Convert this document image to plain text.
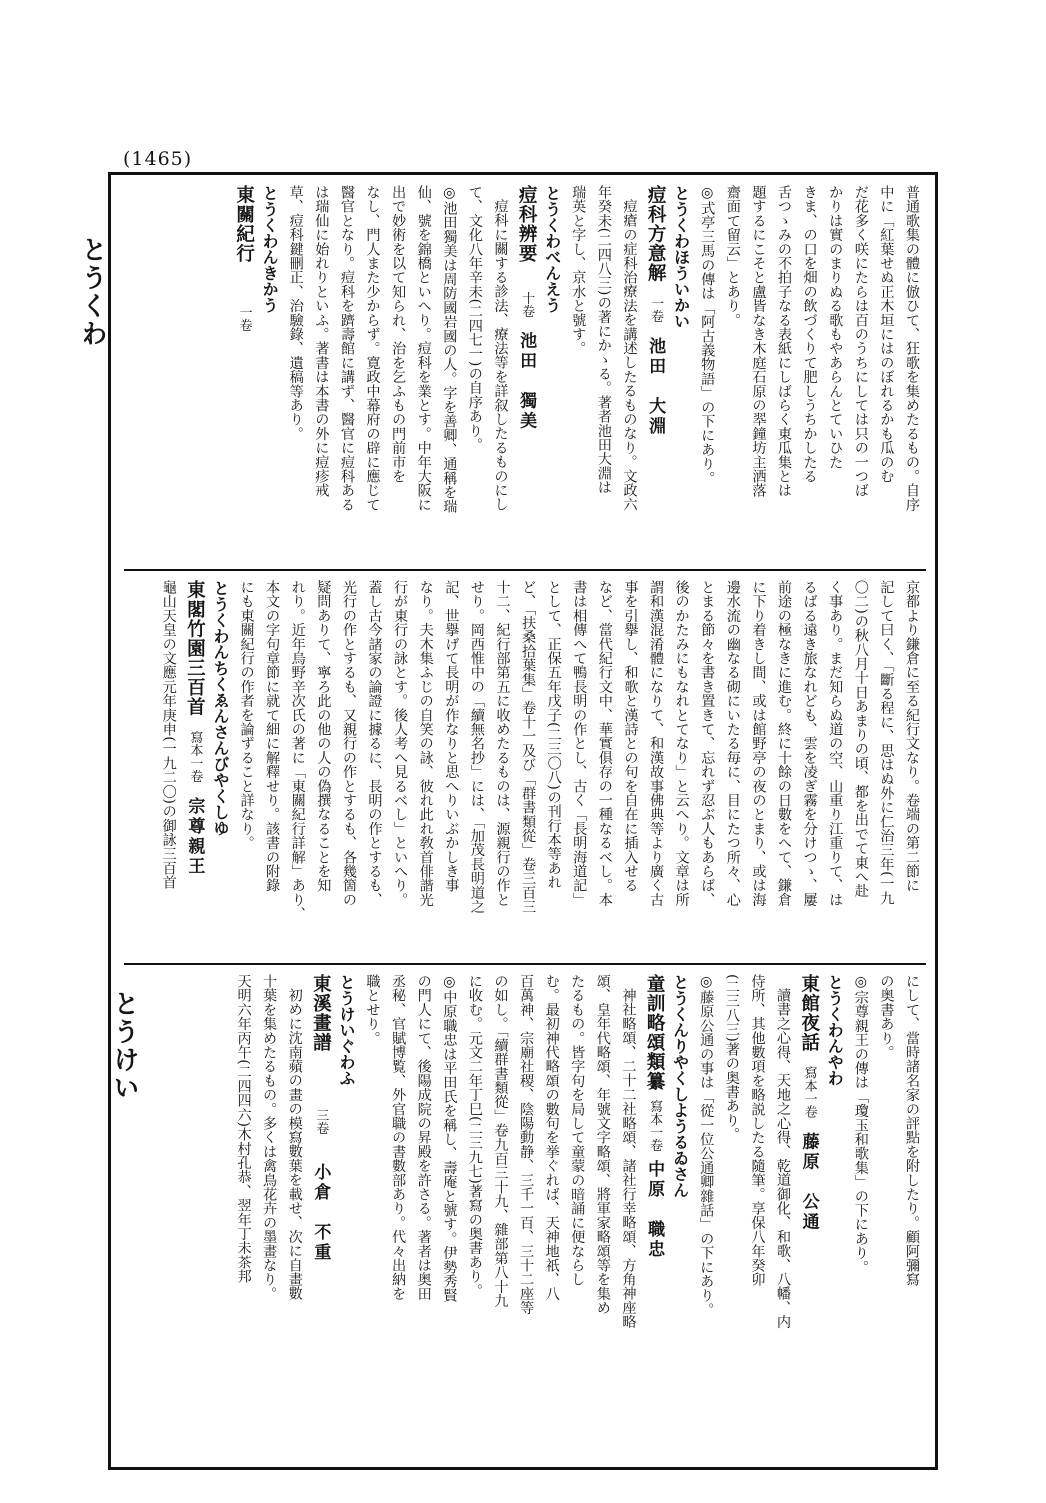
(1465)
とうくわ
とうけい
普通歌集の體に倣ひて、狂歌を集めたるもの。自序
中に「紅葉せぬ正木垣にはのぼれるかも瓜のむ
だ花多く咲にたらは百のうちにしては只の一つば
かりは實のまりぬる歌もやあらんとていひた
きま、の口を畑の飲づくりて肥しうちかしたる
舌つゝみの不拍子なる表紙にしばらく東瓜集とは
題するにこそと盧皆なき木庭石原の翆鐘坊主洒落
齋面て留云」とあり。
◎式亭三馬の傳は「阿古義物語」の下にあり。
とうくわほういかい
痘科方意解一卷池田　大淵
痘瘡の症科治療法を講述したるものなり。文政六
年癸未(二四八三)の著にかゝる。著者池田大淵は
瑞英と字し、京水と號す。
とうくわべんえう
痘科辨要十卷池田　獨美
痘科に關する診法、療法等を詳叙したるものにし
て、文化八年辛未(二四七一)の自序あり。
◎池田獨美は周防國岩國の人。字を善卿、通稱を瑞
仙、號を錦橋といへり。痘科を業とす。中年大阪に
出で妙術を以て知られ、治を乞ふもの門前市を
なし、門人また少からず。寛政中幕府の辟に應じて
醫官となり。痘科を躋壽館に講ず、醫官に痘科ある
は瑞仙に始れりといふ。著書は本書の外に痘疹戒
草、痘科鍵刪正、治驗錄、遺稿等あり。
とうくわんきかう
東關紀行一卷
京都より鎌倉に至る紀行文なり。卷端の第二節に
記して曰く、「斷る程に、思はぬ外に仁治三年(一九
〇二)の秋八月十日あまりの頃、都を出でて東へ赴
く事あり。まだ知らぬ道の空、山重り江重りて、は
るばる遠き旅なれども、雲を凌ぎ霧を分けつゝ、屢
前途の極なきに進む。終に十餘の日數をへて、鎌倉
に下り着きし間、或は館野亭の夜のとまり、或は海
邊水流の幽なる砌にいたる毎に、目にたつ所々、心
とまる節々を書き置きて、忘れず忍ぶ人もあらば、
後のかたみにもなれとてなり」と云へり。文章は所
謂和漢混淆體になりて、和漢故事佛典等より廣く古
事を引擧し、和歌と漢詩との句を自在に插入せる
など、當代紀行文中、華實俱存の一種なるべし。本
書は相傳へて鴨長明の作とし、古く「長明海道記」
として、正保五年戊子(二三〇八)の刊行本等あれ
ど、「扶桑拾葉集」卷十一及び「群書類從」卷三百三
十二、紀行部第五に收めたるものは、源親行の作と
せり。岡西惟中の「續無名抄」には、「加茂長明道之
記、世擧げて長明が作なりと思へりいぶかしき事
なり。夫木集ふじの自笑の詠、彼れ此れ敎首俳諧光
行が東行の詠とす。後人考へ見るべし」といへり。
蓋し古今諸家の論證に據るに、長明の作とするも、
光行の作とするも、又親行の作とするも、各幾箇の
疑問ありて、寧ろ此の他の人の偽撰なることを知
れり。近年烏野辛次氏の著に「東關紀行詳解」あり、
本文の字句章節に就て細に解釋せり。該書の附錄
にも東關紀行の作者を論ずること詳なり。
とうくわんちくゑんさんびやくしゆ
東閣竹園三百首寫本一卷宗尊親王
龜山天皇の文應元年庚申(一九二〇)の御詠三百首
にして、當時諸名家の評點を附したり。顧阿彌寫
の奥書あり。
◎宗尊親王の傳は「瓊玉和歌集」の下にあり。
とうくわんやわ
東館夜話寫本一卷藤原　公通
讀書之心得、天地之心得、乾道御化、和歌、八幡、内
侍所、其他數項を略説したる隨筆。享保八年癸卯
(二三八三)著の奥書あり。
◎藤原公通の事は「從一位公通卿雜話」の下にあり。
とうくんりやくしようるゐさん
童訓略頌類纂寫本一卷中原　職忠
神社略頌、二十二社略頌、諸社行幸略頌、方角神座略
頌、皇年代略頌、年號文字略頌、將軍家略頌等を集め
たるもの。皆字句を局して童蒙の暗誦に便ならし
む。最初神代略頌の數句を挙ぐれば、天神地祇、八
百萬神、宗廟社稷、陰陽動静、三千一百、三十二座等
の如し。「續群書類從」卷九百三十九、雜部第八十九
に收む。元文二年丁巳(二三九七)著寫の奥書あり。
◎中原職忠は平田氏を稱し、壽庵と號す。伊勢秀賢
の門人にて、後陽成院の昇殿を許さる。著者は奥田
丞秘、官賦博覧、外官職の書數部あり。代々出納を
職とせり。
とうけいぐわふ
東溪畫譜三卷小倉　不重
初めに沈南蘋の畫の模寫數葉を載せ、次に自畫數
十葉を集めたるもの。多くは禽鳥花卉の墨畫なり。
天明六年丙午(二四四六)木村孔恭、翌年丁未茶邦
